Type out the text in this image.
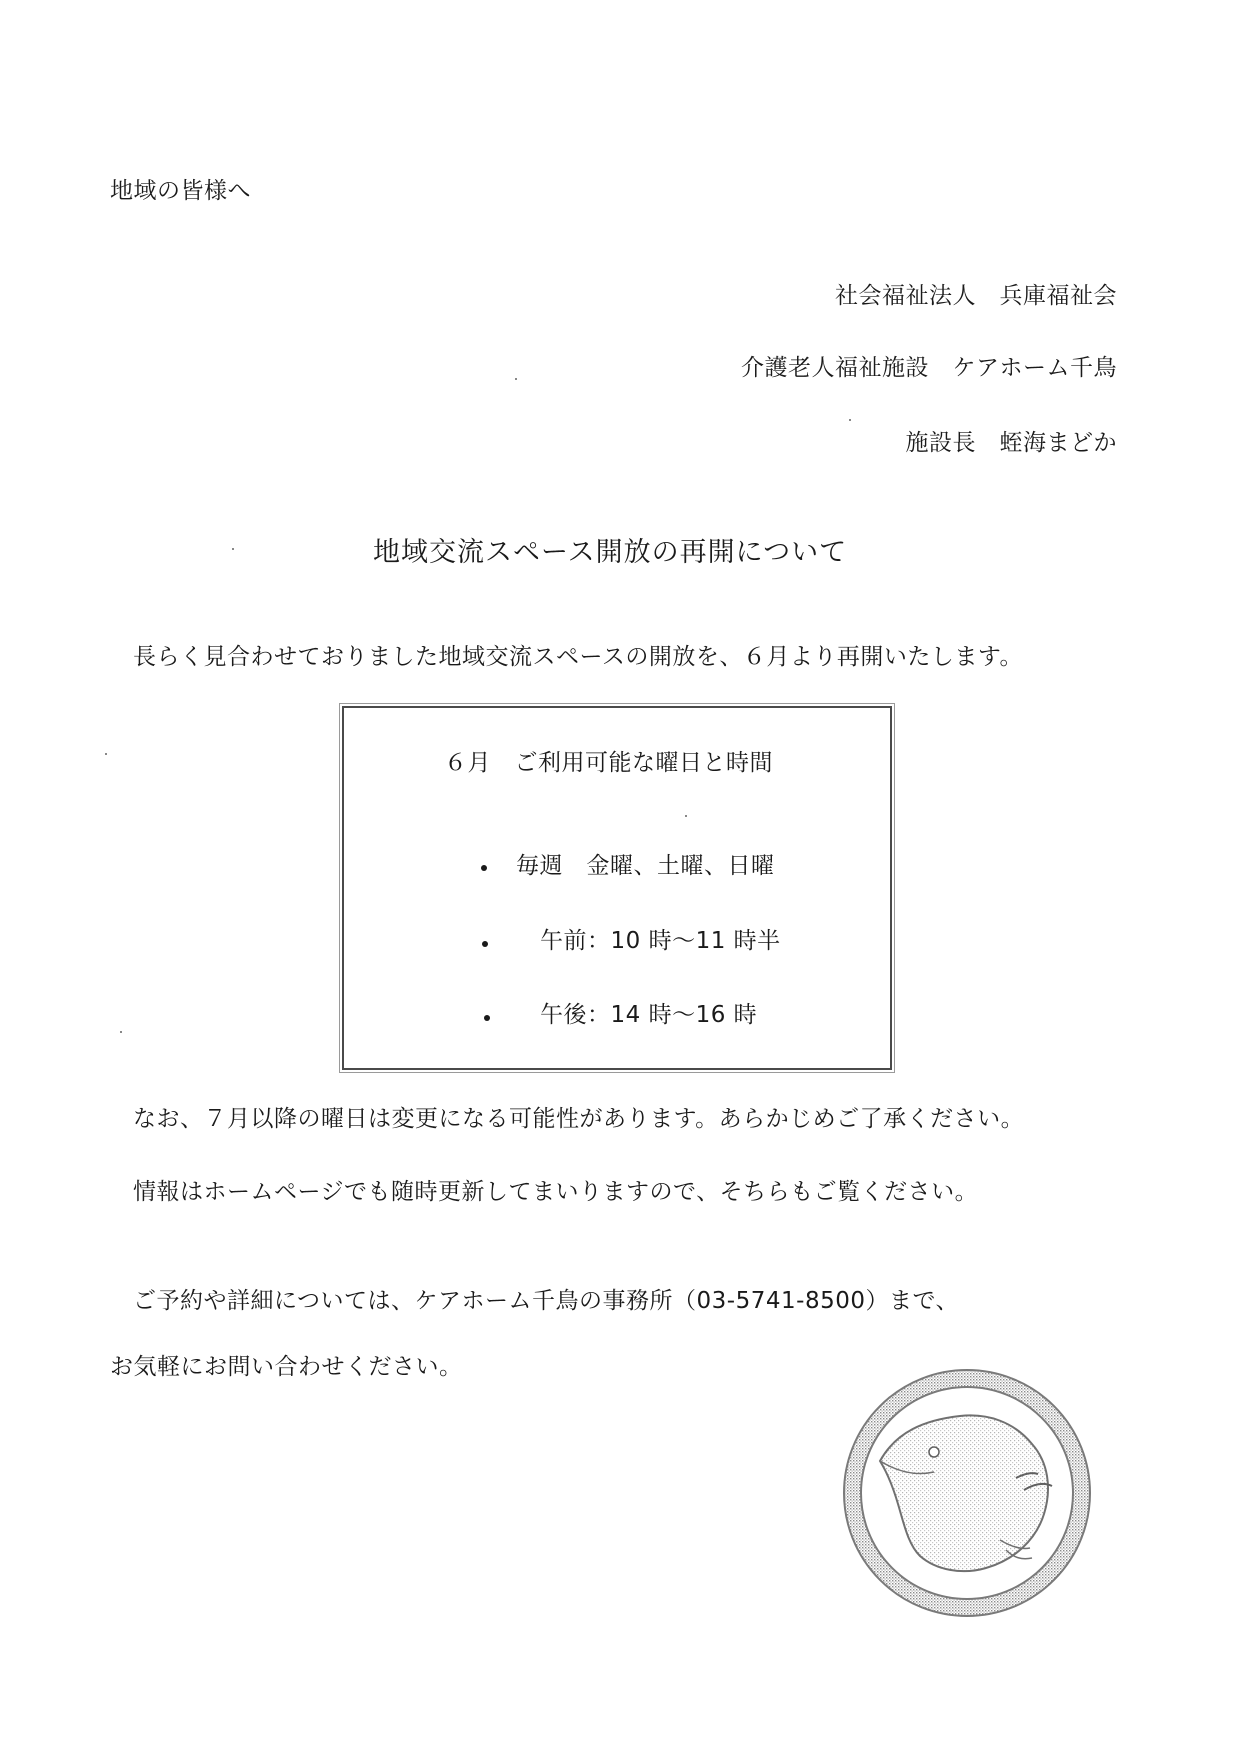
地域の皆様へ
社会福祉法人　兵庫福祉会
介護老人福祉施設　ケアホーム千鳥
施設長　蛭海まどか
地域交流スペース開放の再開について
長らく見合わせておりました地域交流スペースの開放を、６月より再開いたします。
６月　ご利用可能な曜日と時間
毎週　金曜、土曜、日曜
午前：10 時～11 時半
午後：14 時～16 時
なお、７月以降の曜日は変更になる可能性があります。あらかじめご了承ください。
情報はホームページでも随時更新してまいりますので、そちらもご覧ください。
ご予約や詳細については、ケアホーム千鳥の事務所（03-5741-8500）まで、
お気軽にお問い合わせください。
